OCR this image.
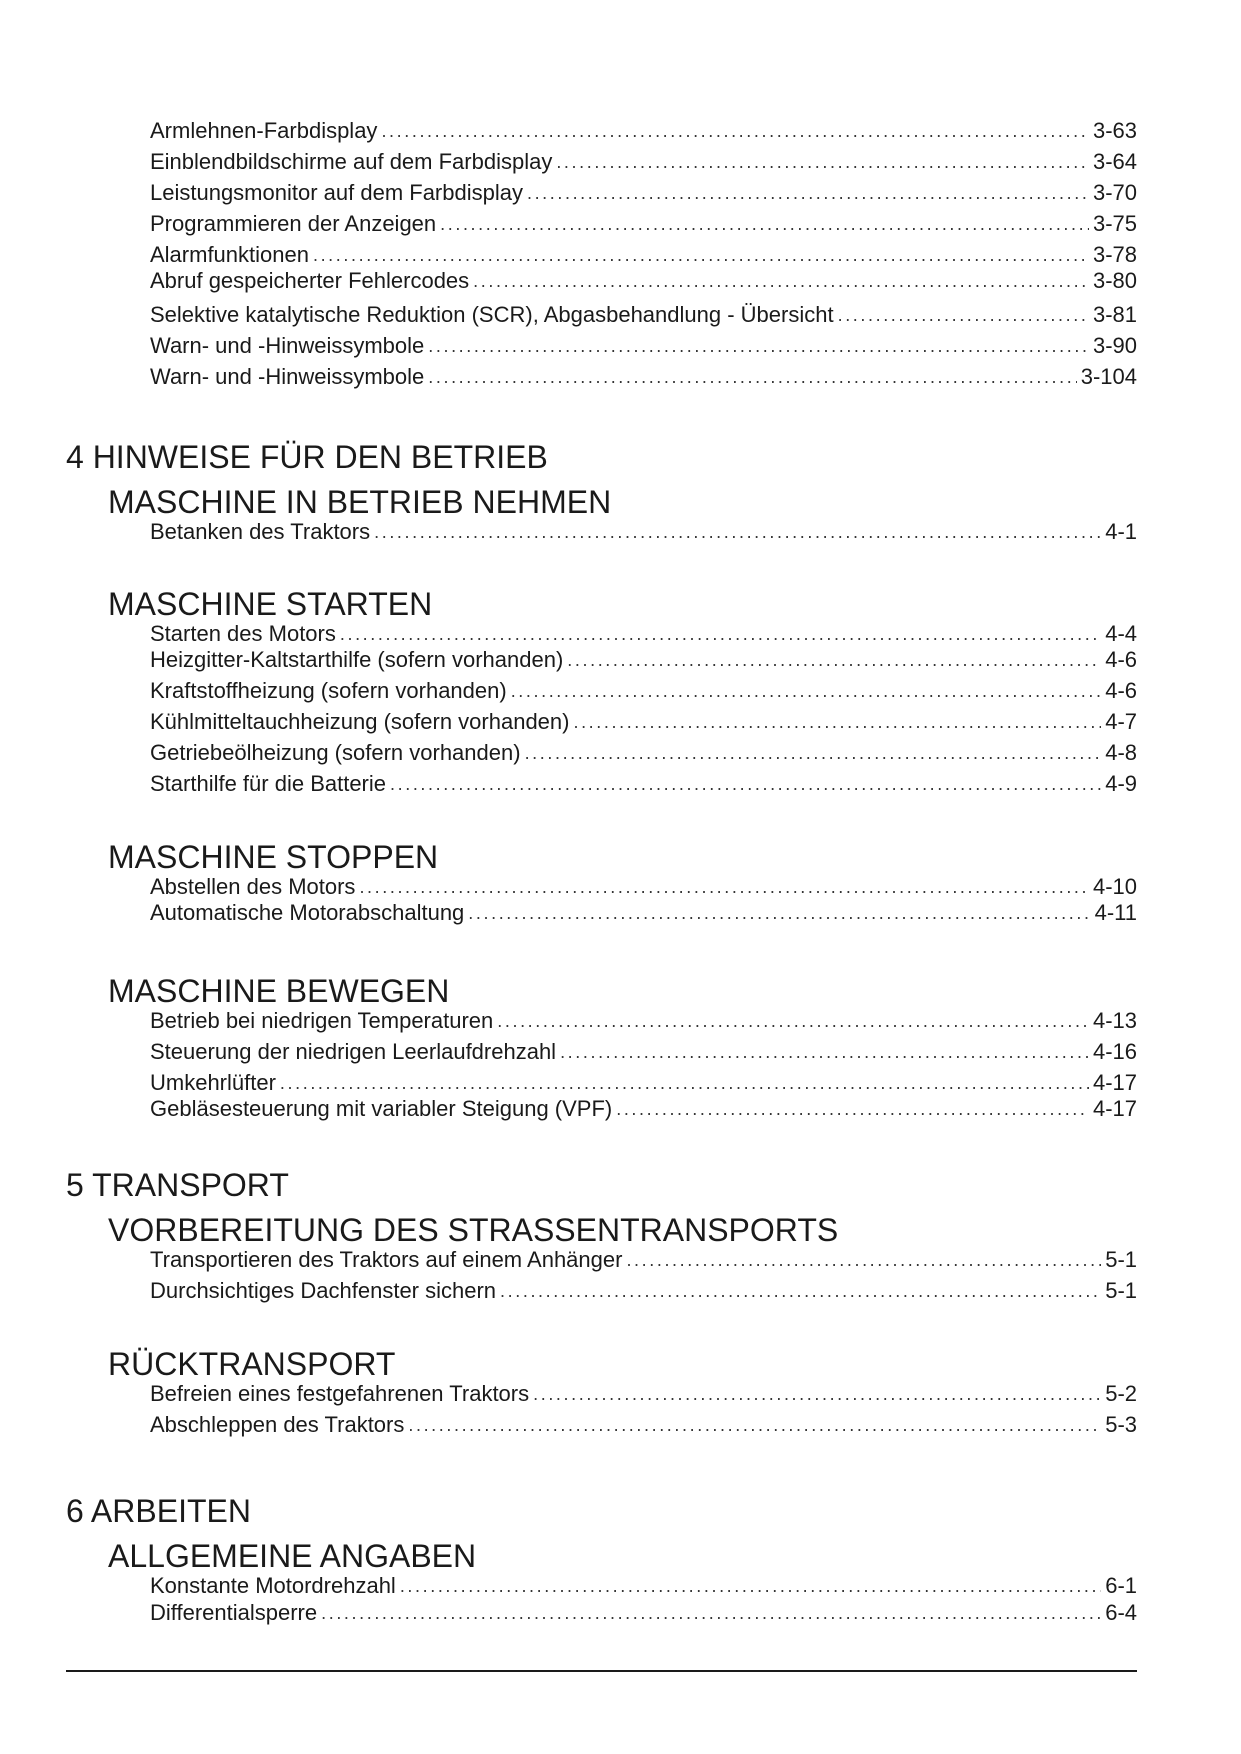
Armlehnen-Farbdisplay .....	3-63
Einblendbildschirme auf dem Farbdisplay .....	3-64
Leistungsmonitor auf dem Farbdisplay .....	3-70
Programmieren der Anzeigen .....	3-75
Alarmfunktionen .....	3-78
Abruf gespeicherter Fehlercodes .....	3-80
Selektive katalytische Reduktion (SCR), Abgasbehandlung - Übersicht .....	3-81
Warn- und -Hinweissymbole .....	3-90
Warn- und -Hinweissymbole .....	3-104
4 HINWEISE FÜR DEN BETRIEB
MASCHINE IN BETRIEB NEHMEN
Betanken des Traktors .....	4-1
MASCHINE STARTEN
Starten des Motors .....	4-4
Heizgitter-Kaltstarthilfe (sofern vorhanden) .....	4-6
Kraftstoffheizung (sofern vorhanden) .....	4-6
Kühlmitteltauchheizung (sofern vorhanden) .....	4-7
Getriebeölheizung (sofern vorhanden) .....	4-8
Starthilfe für die Batterie .....	4-9
MASCHINE STOPPEN
Abstellen des Motors .....	4-10
Automatische Motorabschaltung .....	4-11
MASCHINE BEWEGEN
Betrieb bei niedrigen Temperaturen .....	4-13
Steuerung der niedrigen Leerlaufdrehzahl .....	4-16
Umkehrlüfter .....	4-17
Gebläsesteuerung mit variabler Steigung (VPF) .....	4-17
5 TRANSPORT
VORBEREITUNG DES STRASSENTRANSPORTS
Transportieren des Traktors auf einem Anhänger .....	5-1
Durchsichtiges Dachfenster sichern .....	5-1
RÜCKTRANSPORT
Befreien eines festgefahrenen Traktors .....	5-2
Abschleppen des Traktors .....	5-3
6 ARBEITEN
ALLGEMEINE ANGABEN
Konstante Motordrehzahl .....	6-1
Differentialsperre .....	6-4
